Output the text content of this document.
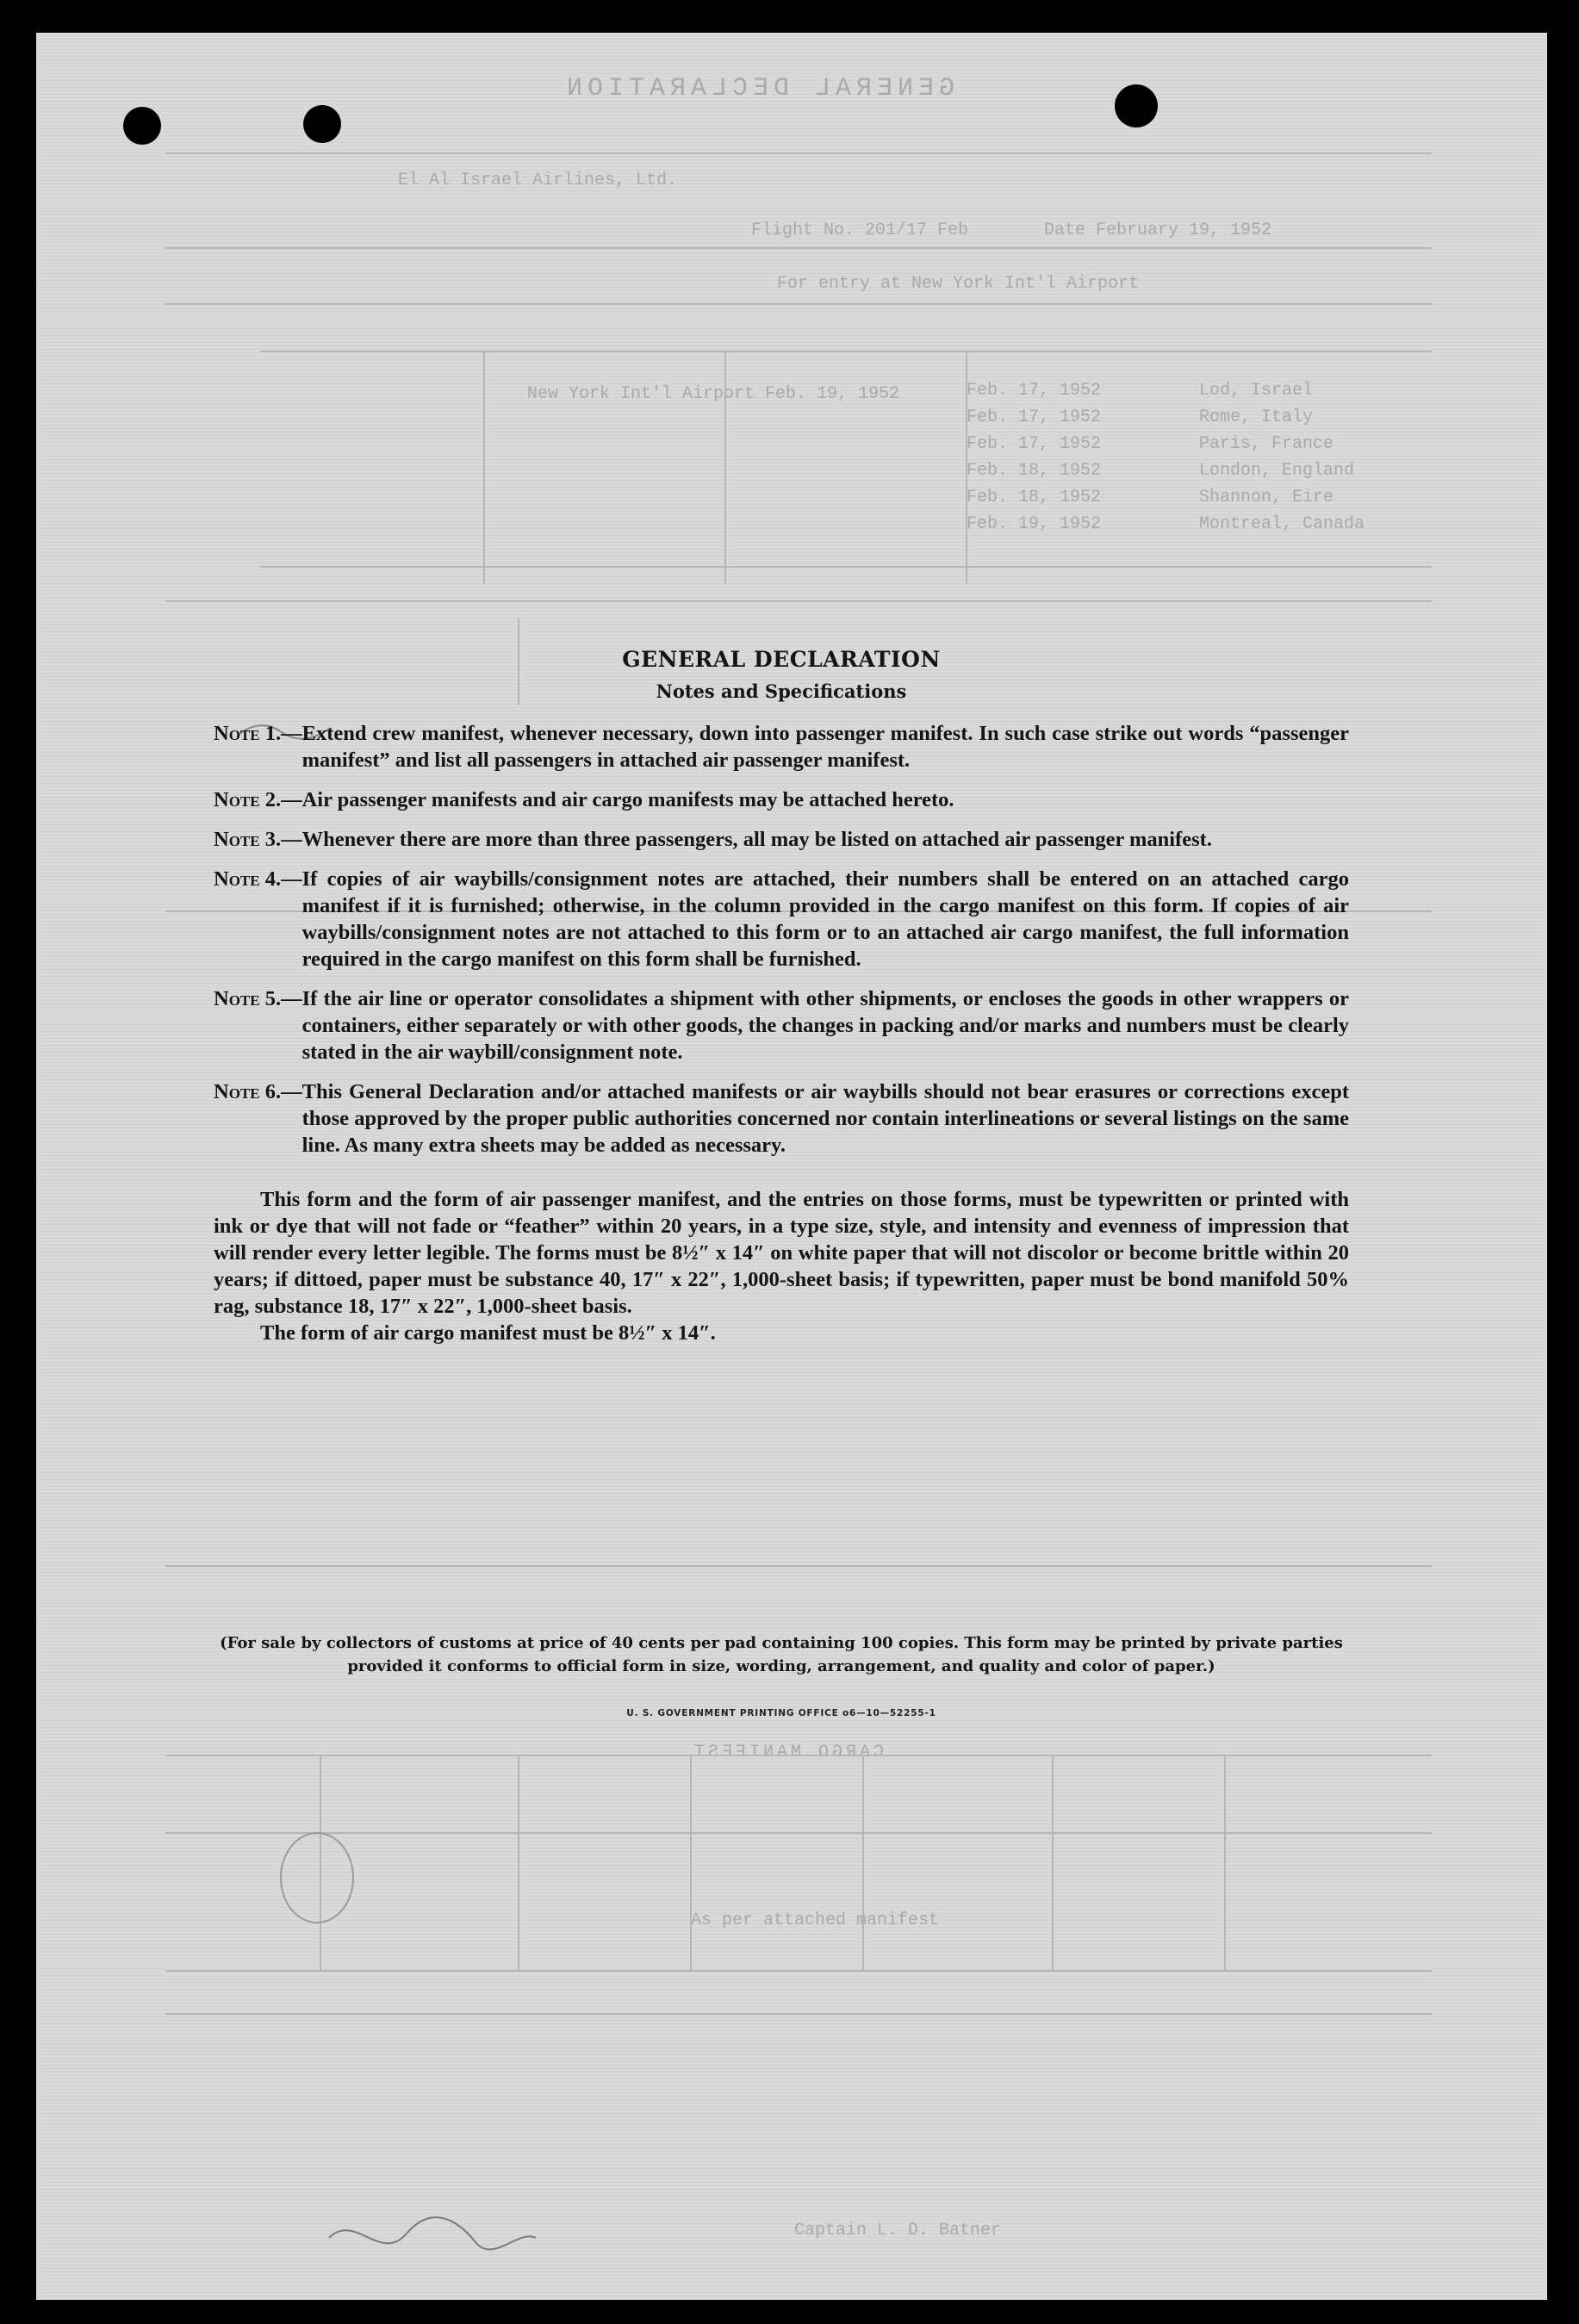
GENERAL DECLARATION
El Al Israel Airlines, Ltd.
Flight No. 201/17 Feb	Date February 19, 1952
For entry at New York Int'l Airport
New York Int'l Airport Feb. 19, 1952	Lod, Israel
Rome, Italy
Paris, France
London, England
Shannon, Eire
Montreal, Canada
Feb. 17, 1952
Feb. 17, 1952
Feb. 17, 1952
Feb. 18, 1952
Feb. 18, 1952
Feb. 19, 1952
CARGO MANIFEST
As per attached manifest
Captain L. D. Batner
GENERAL DECLARATION
Notes and Specifications
Note 1. — Extend crew manifest, whenever necessary, down into passenger manifest. In such case strike out words “passenger manifest” and list all passengers in attached air passenger manifest.
Note 2. — Air passenger manifests and air cargo manifests may be attached hereto.
Note 3. — Whenever there are more than three passengers, all may be listed on attached air passenger manifest.
Note 4. — If copies of air waybills/consignment notes are attached, their numbers shall be entered on an attached cargo manifest if it is furnished; otherwise, in the column provided in the cargo manifest on this form. If copies of air waybills/consignment notes are not attached to this form or to an attached air cargo manifest, the full information required in the cargo manifest on this form shall be furnished.
Note 5. — If the air line or operator consolidates a shipment with other shipments, or encloses the goods in other wrappers or containers, either separately or with other goods, the changes in packing and/or marks and numbers must be clearly stated in the air waybill/consignment note.
Note 6. — This General Declaration and/or attached manifests or air waybills should not bear erasures or corrections except those approved by the proper public authorities concerned nor contain interlineations or several listings on the same line. As many extra sheets may be added as necessary.
This form and the form of air passenger manifest, and the entries on those forms, must be typewritten or printed with ink or dye that will not fade or “feather” within 20 years, in a type size, style, and intensity and evenness of impression that will render every letter legible. The forms must be 8½″ x 14″ on white paper that will not discolor or become brittle within 20 years; if dittoed, paper must be substance 40, 17″ x 22″, 1,000-sheet basis; if typewritten, paper must be bond manifold 50% rag, substance 18, 17″ x 22″, 1,000-sheet basis.
The form of air cargo manifest must be 8½″ x 14″.
(For sale by collectors of customs at price of 40 cents per pad containing 100 copies. This form may be printed by private parties provided it conforms to official form in size, wording, arrangement, and quality and color of paper.)
U. S. GOVERNMENT PRINTING OFFICE o6—10—52255-1
